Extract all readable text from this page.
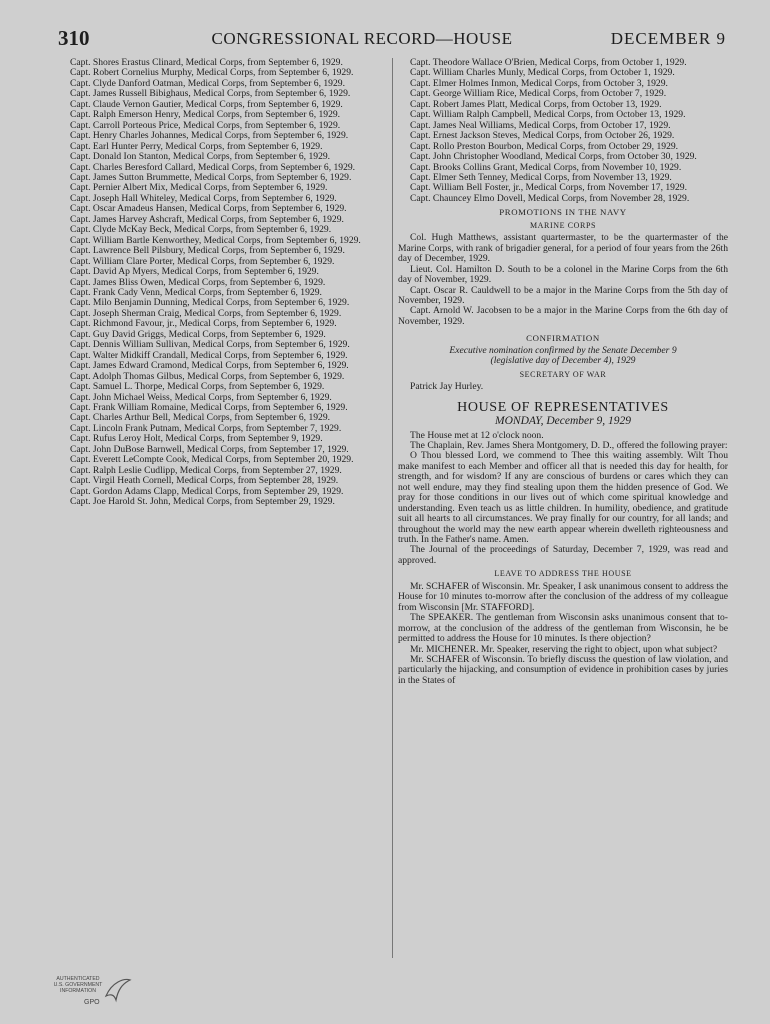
310	CONGRESSIONAL RECORD—HOUSE	DECEMBER 9

Capt. Shores Erastus Clinard, Medical Corps, from September 6, 1929.

Capt. Robert Cornelius Murphy, Medical Corps, from September 6, 1929.

Capt. Clyde Danford Oatman, Medical Corps, from September 6, 1929.

Capt. James Russell Bibighaus, Medical Corps, from September 6, 1929.

Capt. Claude Vernon Gautier, Medical Corps, from September 6, 1929.

Capt. Ralph Emerson Henry, Medical Corps, from September 6, 1929.

Capt. Carroll Porteous Price, Medical Corps, from September 6, 1929.

Capt. Henry Charles Johannes, Medical Corps, from September 6, 1929.

Capt. Earl Hunter Perry, Medical Corps, from September 6, 1929.

Capt. Donald Ion Stanton, Medical Corps, from September 6, 1929.

Capt. Charles Beresford Callard, Medical Corps, from September 6, 1929.

Capt. James Sutton Brummette, Medical Corps, from September 6, 1929.

Capt. Pernier Albert Mix, Medical Corps, from September 6, 1929.

Capt. Joseph Hall Whiteley, Medical Corps, from September 6, 1929.

Capt. Oscar Amadeus Hansen, Medical Corps, from September 6, 1929.

Capt. James Harvey Ashcraft, Medical Corps, from September 6, 1929.

Capt. Clyde McKay Beck, Medical Corps, from September 6, 1929.

Capt. William Bartle Kenworthey, Medical Corps, from September 6, 1929.

Capt. Lawrence Bell Pilsbury, Medical Corps, from September 6, 1929.

Capt. William Clare Porter, Medical Corps, from September 6, 1929.

Capt. David Ap Myers, Medical Corps, from September 6, 1929.

Capt. James Bliss Owen, Medical Corps, from September 6, 1929.

Capt. Frank Cady Venn, Medical Corps, from September 6, 1929.

Capt. Milo Benjamin Dunning, Medical Corps, from September 6, 1929.

Capt. Joseph Sherman Craig, Medical Corps, from September 6, 1929.

Capt. Richmond Favour, jr., Medical Corps, from September 6, 1929.

Capt. Guy David Griggs, Medical Corps, from September 6, 1929.

Capt. Dennis William Sullivan, Medical Corps, from September 6, 1929.

Capt. Walter Midkiff Crandall, Medical Corps, from September 6, 1929.

Capt. James Edward Cramond, Medical Corps, from September 6, 1929.

Capt. Adolph Thomas Gilbus, Medical Corps, from September 6, 1929.

Capt. Samuel L. Thorpe, Medical Corps, from September 6, 1929.

Capt. John Michael Weiss, Medical Corps, from September 6, 1929.

Capt. Frank William Romaine, Medical Corps, from September 6, 1929.

Capt. Charles Arthur Bell, Medical Corps, from September 6, 1929.

Capt. Lincoln Frank Putnam, Medical Corps, from September 7, 1929.

Capt. Rufus Leroy Holt, Medical Corps, from September 9, 1929.

Capt. John DuBose Barnwell, Medical Corps, from September 17, 1929.

Capt. Everett LeCompte Cook, Medical Corps, from September 20, 1929.

Capt. Ralph Leslie Cudlipp, Medical Corps, from September 27, 1929.

Capt. Virgil Heath Cornell, Medical Corps, from September 28, 1929.

Capt. Gordon Adams Clapp, Medical Corps, from September 29, 1929.

Capt. Joe Harold St. John, Medical Corps, from September 29, 1929.

Capt. Theodore Wallace O'Brien, Medical Corps, from October 1, 1929.

Capt. William Charles Munly, Medical Corps, from October 1, 1929.

Capt. Elmer Holmes Inmon, Medical Corps, from October 3, 1929.

Capt. George William Rice, Medical Corps, from October 7, 1929.

Capt. Robert James Platt, Medical Corps, from October 13, 1929.

Capt. William Ralph Campbell, Medical Corps, from October 13, 1929.

Capt. James Neal Williams, Medical Corps, from October 17, 1929.

Capt. Ernest Jackson Steves, Medical Corps, from October 26, 1929.

Capt. Rollo Preston Bourbon, Medical Corps, from October 29, 1929.

Capt. John Christopher Woodland, Medical Corps, from October 30, 1929.

Capt. Brooks Collins Grant, Medical Corps, from November 10, 1929.

Capt. Elmer Seth Tenney, Medical Corps, from November 13, 1929.

Capt. William Bell Foster, jr., Medical Corps, from November 17, 1929.

Capt. Chauncey Elmo Dovell, Medical Corps, from November 28, 1929.

PROMOTIONS IN THE NAVY

MARINE CORPS

Col. Hugh Matthews, assistant quartermaster, to be the quartermaster of the Marine Corps, with rank of brigadier general, for a period of four years from the 26th day of December, 1929.

Lieut. Col. Hamilton D. South to be a colonel in the Marine Corps from the 6th day of November, 1929.

Capt. Oscar R. Cauldwell to be a major in the Marine Corps from the 5th day of November, 1929.

Capt. Arnold W. Jacobsen to be a major in the Marine Corps from the 6th day of November, 1929.

CONFIRMATION

Executive nomination confirmed by the Senate December 9

(legislative day of December 4), 1929

SECRETARY OF WAR

Patrick Jay Hurley.

HOUSE OF REPRESENTATIVES

MONDAY, December 9, 1929

The House met at 12 o'clock noon.

The Chaplain, Rev. James Shera Montgomery, D. D., offered the following prayer:

O Thou blessed Lord, we commend to Thee this waiting assembly. Wilt Thou make manifest to each Member and officer all that is needed this day for health, for strength, and for wisdom? If any are conscious of burdens or cares which they can not well endure, may they find stealing upon them the hidden presence of God. We pray for those conditions in our lives out of which come spiritual knowledge and understanding. Even teach us as little children. In humility, obedience, and gratitude suit all hearts to all circumstances. We pray finally for our country, for all lands; and throughout the world may the new earth appear wherein dwelleth righteousness and truth. In the Father's name. Amen.

The Journal of the proceedings of Saturday, December 7, 1929, was read and approved.

LEAVE TO ADDRESS THE HOUSE

Mr. SCHAFER of Wisconsin. Mr. Speaker, I ask unanimous consent to address the House for 10 minutes to-morrow after the conclusion of the address of my colleague from Wisconsin [Mr. STAFFORD].

The SPEAKER. The gentleman from Wisconsin asks unanimous consent that to-morrow, at the conclusion of the address of the gentleman from Wisconsin, he be permitted to address the House for 10 minutes. Is there objection?

Mr. MICHENER. Mr. Speaker, reserving the right to object, upon what subject?

Mr. SCHAFER of Wisconsin. To briefly discuss the question of law violation, and particularly the hijacking, and consumption of evidence in prohibition cases by juries in the States of

AUTHENTICATED
U.S. GOVERNMENT
INFORMATION
GPO
